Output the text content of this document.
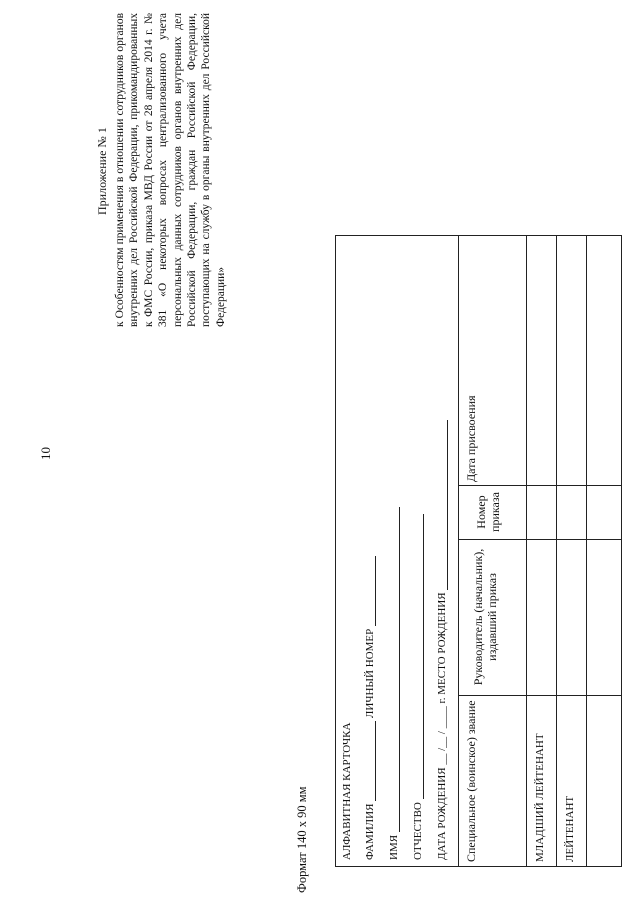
10
Приложение № 1 к Особенностям применения в отношении сотрудников органов внутренних дел Российской Федерации, прикомандированных к ФМС России, приказа МВД России от 28 апреля 2014 г. № 381 «О некоторых вопросах централизованного учета персональных данных сотрудников органов внутренних дел Российской Федерации, граждан Российской Федерации, поступающих на службу в органы внутренних дел Российской Федерации»
Формат 140 x 90 мм	АЛФАВИТНАЯ КАРТОЧКА ФАМИЛИЯ   ЛИЧНЫЙ НОМЕР
ИМЯ ОТЧЕСТВО ДАТА РОЖДЕНИЯ __ /__ / ____ г. МЕСТО РОЖДЕНИЯ
Специальное (воинское) звание
Руководитель (начальник), издавший приказ
Номер приказа
Дата присвоения
МЛАДШИЙ ЛЕЙТЕНАНТ ЛЕЙТЕНАНТ
